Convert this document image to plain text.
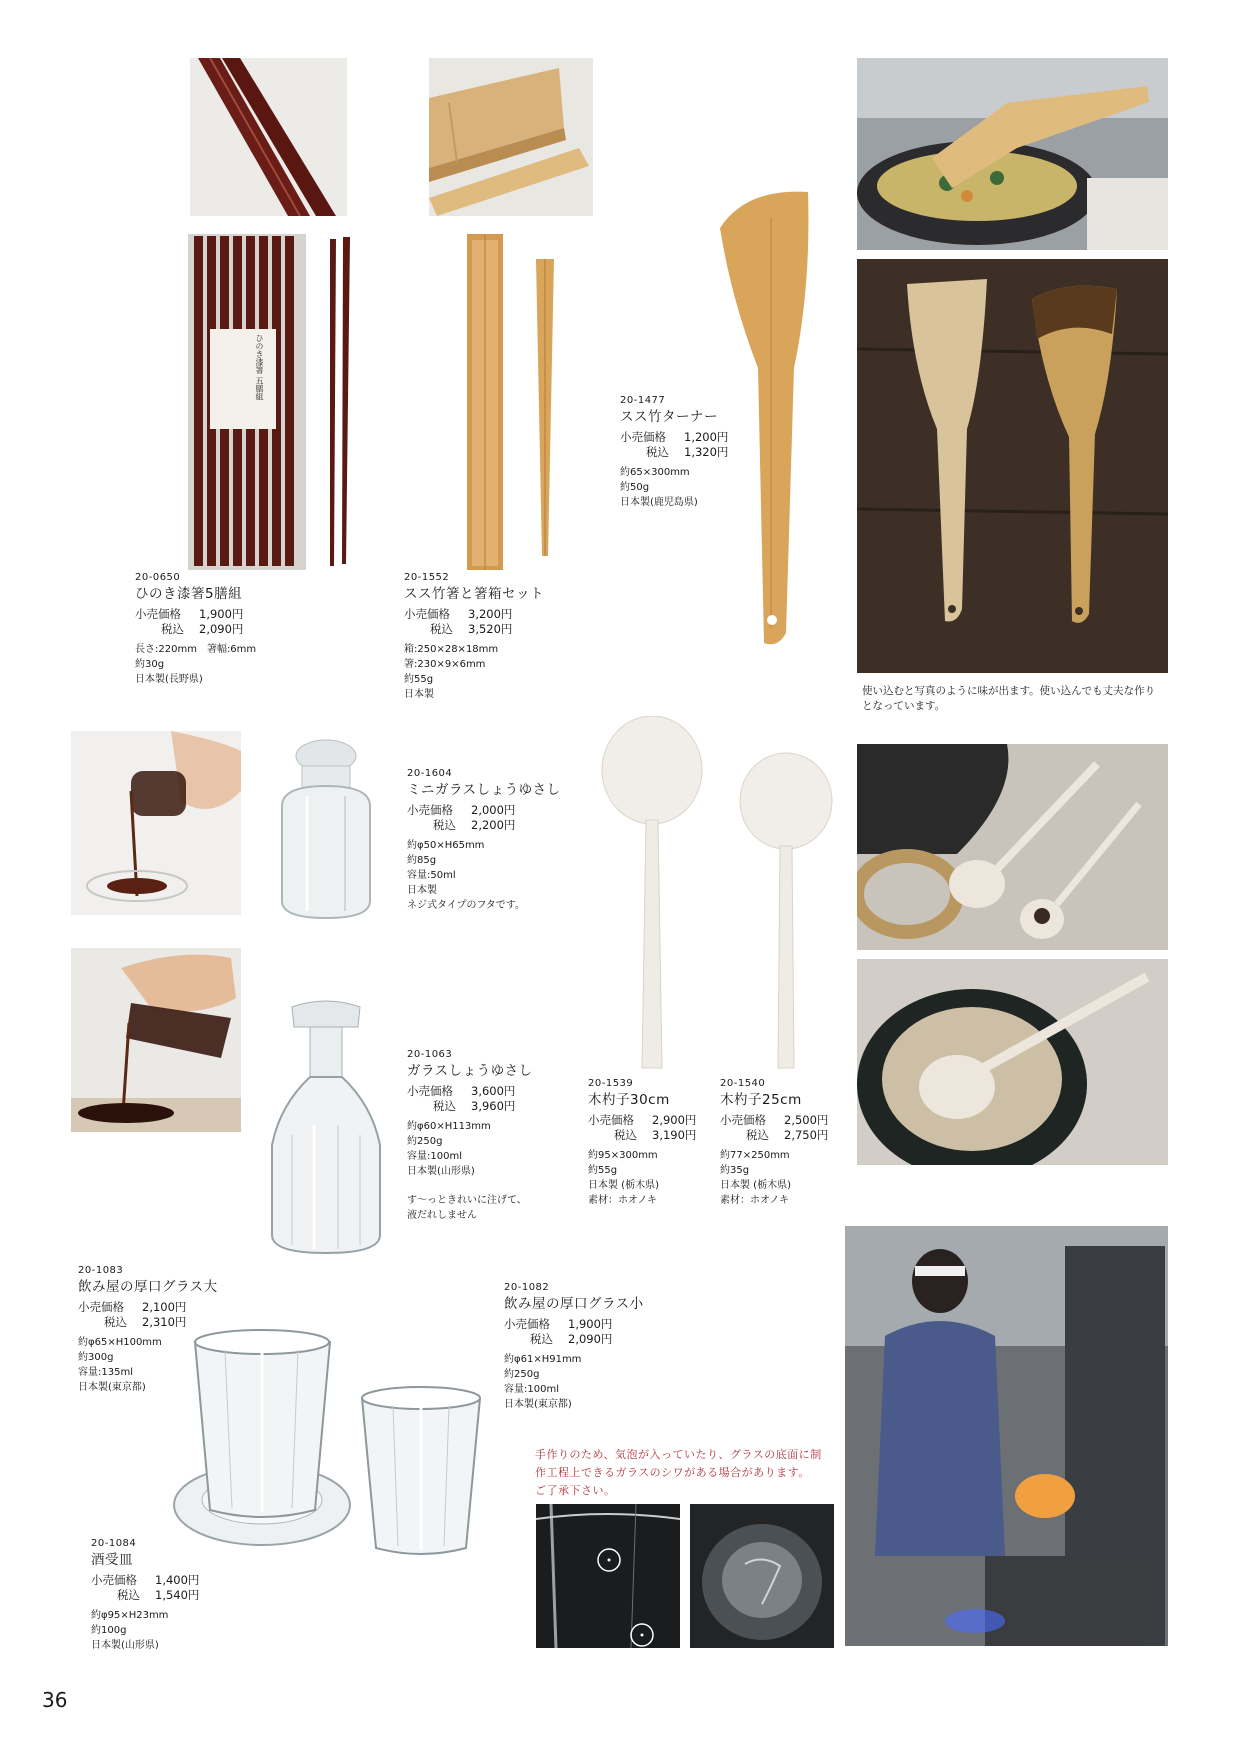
ひのき漆箸 五膳組
20-0650
ひのき漆箸5膳組
小売価格 1,900円
税込 2,090円
長さ:220mm　箸幅:6mm
約30g
日本製(長野県)
20-1552
スス竹箸と箸箱セット
小売価格 3,200円
税込 3,520円
箱:250×28×18mm
箸:230×9×6mm
約55g
日本製
20-1477
スス竹ターナー
小売価格 1,200円
税込 1,320円
約65×300mm
約50g
日本製(鹿児島県)
使い込むと写真のように味が出ます。使い込んでも丈夫な作り
となっています。
20-1604
ミニガラスしょうゆさし
小売価格 2,000円
税込 2,200円
約φ50×H65mm
約85g
容量:50ml
日本製
ネジ式タイプのフタです。
20-1063
ガラスしょうゆさし
小売価格 3,600円
税込 3,960円
約φ60×H113mm
約250g
容量:100ml
日本製(山形県)
す〜っときれいに注げて、
液だれしません
20-1539
木杓子30cm
小売価格 2,900円
税込 3,190円
約95×300mm
約55g
日本製 (栃木県)
素材：ホオノキ
20-1540
木杓子25cm
小売価格 2,500円
税込 2,750円
約77×250mm
約35g
日本製 (栃木県)
素材：ホオノキ
20-1083
飲み屋の厚口グラス大
小売価格 2,100円
税込 2,310円
約φ65×H100mm
約300g
容量:135ml
日本製(東京都)
20-1082
飲み屋の厚口グラス小
小売価格 1,900円
税込 2,090円
約φ61×H91mm
約250g
容量:100ml
日本製(東京都)
手作りのため、気泡が入っていたり、グラスの底面に制
作工程上できるガラスのシワがある場合があります。
ご了承下さい。
20-1084
酒受皿
小売価格 1,400円
税込 1,540円
約φ95×H23mm
約100g
日本製(山形県)
36
